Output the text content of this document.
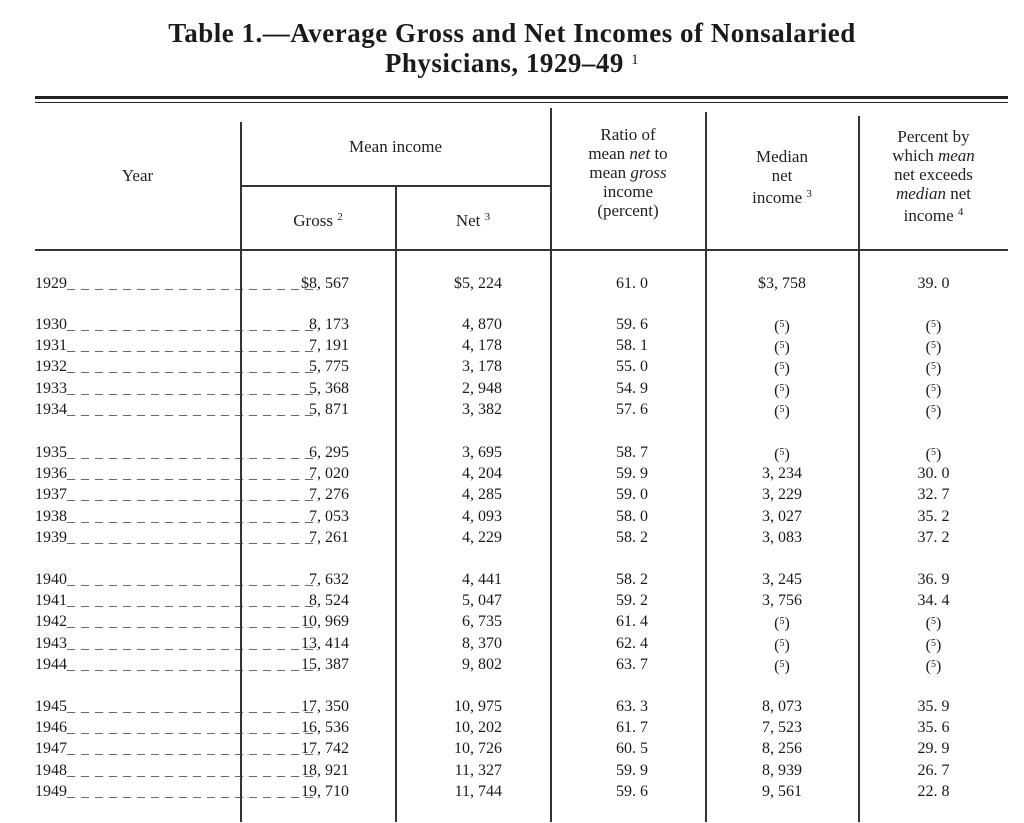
Table 1.—Average Gross and Net Incomes of Nonsalaried
Physicians, 1929–49 $^1$
Year
Mean income
Gross $^2$	Net $^3$
Ratio of
mean net to
mean gross
income
(percent)
Median
net
income $^3$
Percent by
which mean
net exceeds
median net
income $^4$
1929_ _ _ _ _ _ _ _ _ _ _ _ _ _ _ _ _ _
$8, 567	$5, 224	61. 0	$3, 758	39. 0
1930_ _ _ _ _ _ _ _ _ _ _ _ _ _ _ _ _ _
8, 173	4, 870	59. 6	($^5$)	($^5$)
1931_ _ _ _ _ _ _ _ _ _ _ _ _ _ _ _ _ _
7, 191	4, 178	58. 1	($^5$)	($^5$)
1932_ _ _ _ _ _ _ _ _ _ _ _ _ _ _ _ _ _
5, 775	3, 178	55. 0	($^5$)	($^5$)
1933_ _ _ _ _ _ _ _ _ _ _ _ _ _ _ _ _ _
5, 368	2, 948	54. 9	($^5$)	($^5$)
1934_ _ _ _ _ _ _ _ _ _ _ _ _ _ _ _ _ _
5, 871	3, 382	57. 6	($^5$)	($^5$)
1935_ _ _ _ _ _ _ _ _ _ _ _ _ _ _ _ _ _
6, 295	3, 695	58. 7	($^5$)	($^5$)
1936_ _ _ _ _ _ _ _ _ _ _ _ _ _ _ _ _ _
7, 020	4, 204	59. 9	3, 234	30. 0
1937_ _ _ _ _ _ _ _ _ _ _ _ _ _ _ _ _ _
7, 276	4, 285	59. 0	3, 229	32. 7
1938_ _ _ _ _ _ _ _ _ _ _ _ _ _ _ _ _ _
7, 053	4, 093	58. 0	3, 027	35. 2
1939_ _ _ _ _ _ _ _ _ _ _ _ _ _ _ _ _ _
7, 261	4, 229	58. 2	3, 083	37. 2
1940_ _ _ _ _ _ _ _ _ _ _ _ _ _ _ _ _ _
7, 632	4, 441	58. 2	3, 245	36. 9
1941_ _ _ _ _ _ _ _ _ _ _ _ _ _ _ _ _ _
8, 524	5, 047	59. 2	3, 756	34. 4
1942_ _ _ _ _ _ _ _ _ _ _ _ _ _ _ _ _ _
10, 969	6, 735	61. 4	($^5$)	($^5$)
1943_ _ _ _ _ _ _ _ _ _ _ _ _ _ _ _ _ _
13, 414	8, 370	62. 4	($^5$)	($^5$)
1944_ _ _ _ _ _ _ _ _ _ _ _ _ _ _ _ _ _
15, 387	9, 802	63. 7	($^5$)	($^5$)
1945_ _ _ _ _ _ _ _ _ _ _ _ _ _ _ _ _ _
17, 350	10, 975	63. 3	8, 073	35. 9
1946_ _ _ _ _ _ _ _ _ _ _ _ _ _ _ _ _ _
16, 536	10, 202	61. 7	7, 523	35. 6
1947_ _ _ _ _ _ _ _ _ _ _ _ _ _ _ _ _ _
17, 742	10, 726	60. 5	8, 256	29. 9
1948_ _ _ _ _ _ _ _ _ _ _ _ _ _ _ _ _ _
18, 921	11, 327	59. 9	8, 939	26. 7
1949_ _ _ _ _ _ _ _ _ _ _ _ _ _ _ _ _ _
19, 710	11, 744	59. 6	9, 561	22. 8
